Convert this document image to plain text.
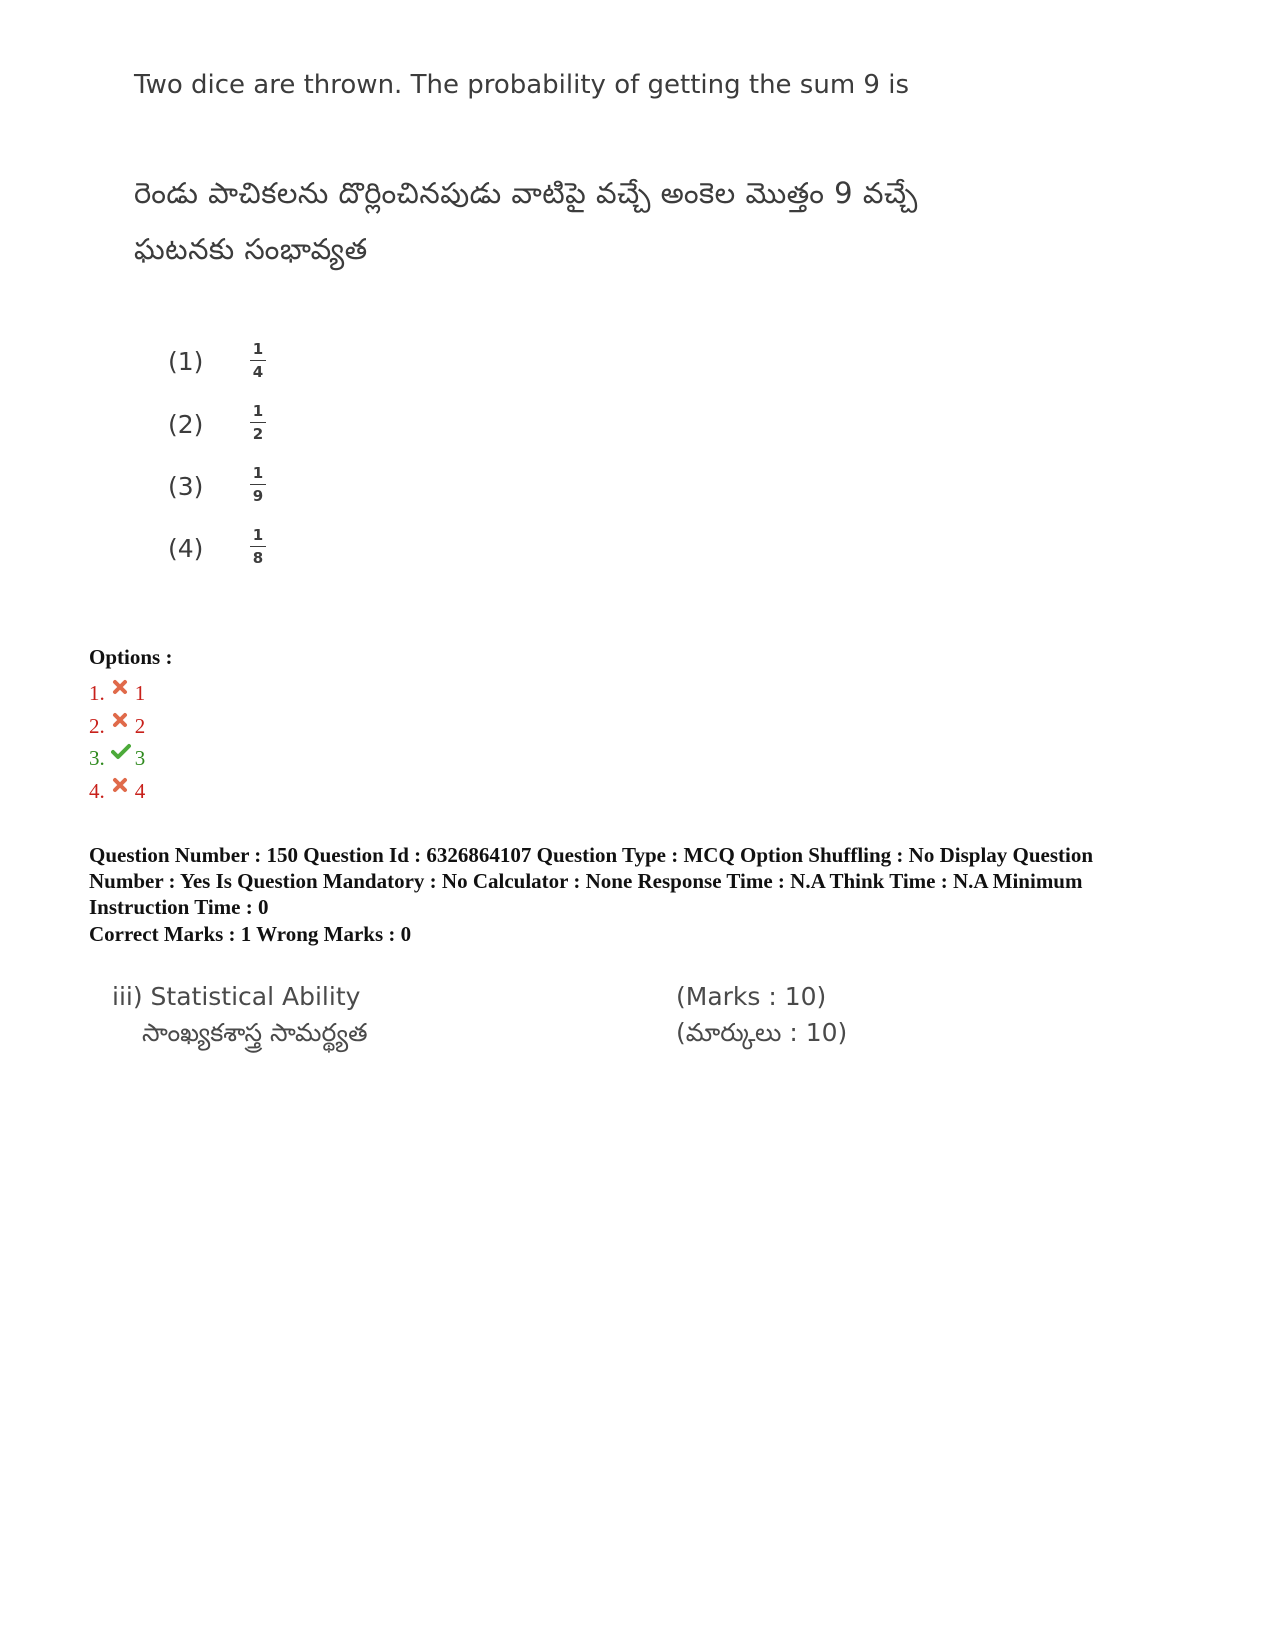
Two dice are thrown. The probability of getting the sum 9 is
రెండు పాచికలను దొర్లించినపుడు వాటిపై వచ్చే అంకెల మొత్తం 9 వచ్చే
ఘటనకు సంభావ్యత
(1)	1
4
(2)	1
2
(3)	1
9
(4)	1
8
Options :
1. 1
2. 2
3. 3
4. 4
Question Number : 150 Question Id : 6326864107 Question Type : MCQ Option Shuffling : No Display Question
Number : Yes Is Question Mandatory : No Calculator : None Response Time : N.A Think Time : N.A Minimum
Instruction Time : 0
Correct Marks : 1 Wrong Marks : 0
iii) Statistical Ability
సాంఖ్యకశాస్త్ర సామర్థ్యత
(Marks : 10)
(మార్కులు : 10)
